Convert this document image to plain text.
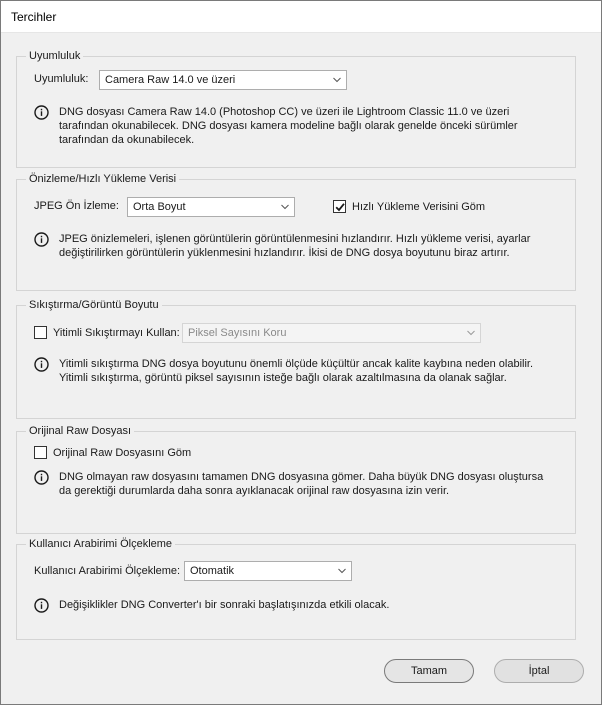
Tercihler
Uyumluluk
Uyumluluk:	Camera Raw 14.0 ve üzeri
DNG dosyası Camera Raw 14.0 (Photoshop CC) ve üzeri ile Lightroom Classic 11.0 ve üzeri tarafından okunabilecek. DNG dosyası kamera modeline bağlı olarak genelde önceki sürümler tarafından da okunabilecek.
Önizleme/Hızlı Yükleme Verisi
JPEG Ön İzleme:	Orta Boyut	Hızlı Yükleme Verisini Göm
JPEG önizlemeleri, işlenen görüntülerin görüntülenmesini hızlandırır. Hızlı yükleme verisi, ayarlar değiştirilirken görüntülerin yüklenmesini hızlandırır. İkisi de DNG dosya boyutunu biraz artırır.
Sıkıştırma/Görüntü Boyutu
Yitimli Sıkıştırmayı Kullan: Piksel Sayısını Koru
Yitimli sıkıştırma DNG dosya boyutunu önemli ölçüde küçültür ancak kalite kaybına neden olabilir. Yitimli sıkıştırma, görüntü piksel sayısının isteğe bağlı olarak azaltılmasına da olanak sağlar.
Orijinal Raw Dosyası
Orijinal Raw Dosyasını Göm
DNG olmayan raw dosyasını tamamen DNG dosyasına gömer. Daha büyük DNG dosyası oluştursa da gerektiği durumlarda daha sonra ayıklanacak orijinal raw dosyasına izin verir.
Kullanıcı Arabirimi Ölçekleme
Kullanıcı Arabirimi Ölçekleme: Otomatik
Değişiklikler DNG Converter'ı bir sonraki başlatışınızda etkili olacak.
Tamam	İptal
